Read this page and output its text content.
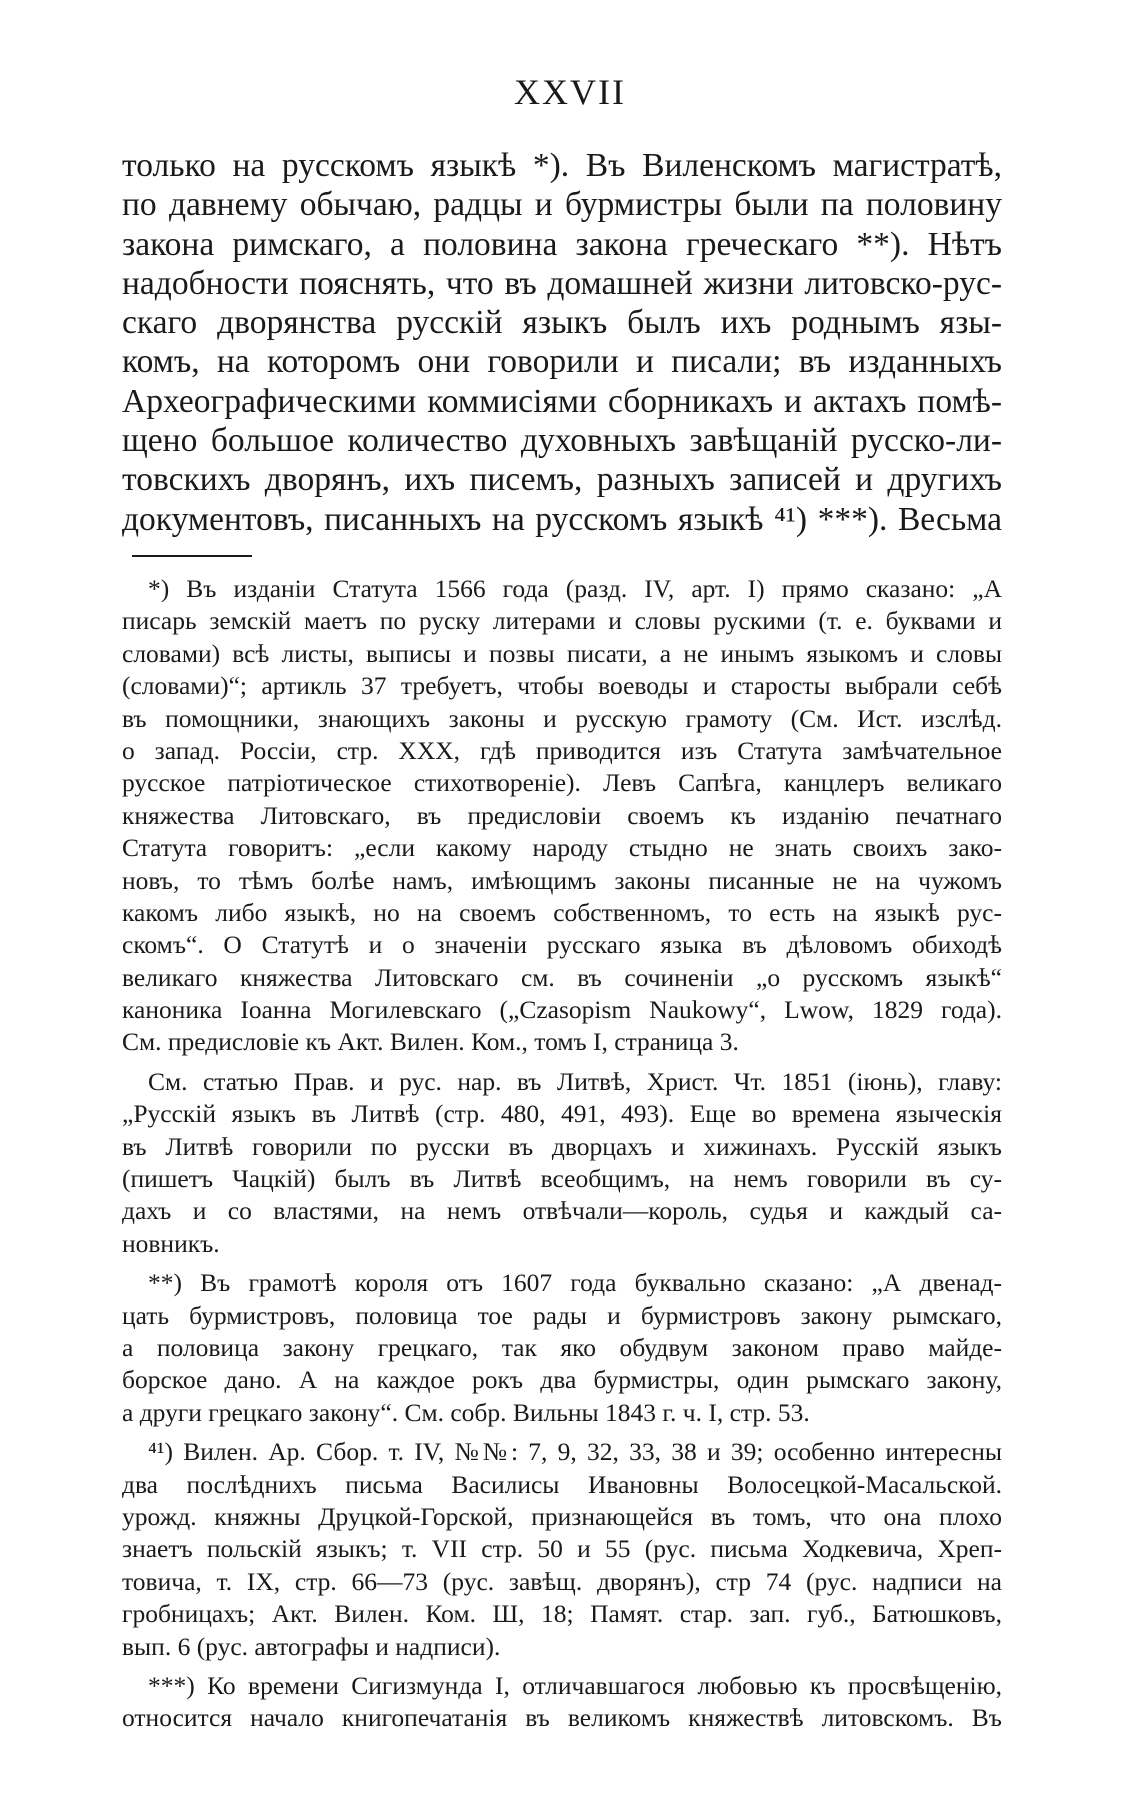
XXVII
только на русскомъ языкѣ *). Въ Виленскомъ магистратѣ,
по давнему обычаю, радцы и бурмистры были па половину
закона римскаго, а половина закона греческаго **). Нѣтъ
надобности пояснять, что въ домашней жизни литовско-рус-
скаго дворянства русскій языкъ былъ ихъ роднымъ язы-
комъ, на которомъ они говорили и писали; въ изданныхъ
Археографическими коммисіями сборникахъ и актахъ помѣ-
щено большое количество духовныхъ завѣщаній русско-ли-
товскихъ дворянъ, ихъ писемъ, разныхъ записей и другихъ
документовъ, писанныхъ на русскомъ языкѣ ⁴¹) ***). Весьма
*) Въ изданіи Статута 1566 года (разд. IV, арт. I) прямо сказано: „А
писарь земскій маетъ по руску литерами и словы рускими (т. е. буквами и
словами) всѣ листы, выписы и позвы писати, а не инымъ языкомъ и словы
(словами)“; артикль 37 требуетъ, чтобы воеводы и старосты выбрали себѣ
въ помощники, знающихъ законы и русскую грамоту (См. Ист. изслѣд.
о запад. Россіи, стр. XXX, гдѣ приводится изъ Статута замѣчательное
русское патріотическое стихотвореніе). Левъ Сапѣга, канцлеръ великаго
княжества Литовскаго, въ предисловіи своемъ къ изданію печатнаго
Статута говоритъ: „если какому народу стыдно не знать своихъ зако-
новъ, то тѣмъ болѣе намъ, имѣющимъ законы писанные не на чужомъ
какомъ либо языкѣ, но на своемъ собственномъ, то есть на языкѣ рус-
скомъ“. О Статутѣ и о значеніи русскаго языка въ дѣловомъ обиходѣ
великаго княжества Литовскаго см. въ сочиненіи „о русскомъ языкѣ“
каноника Іоанна Могилевскаго („Czasopism Naukowy“, Lwow, 1829 года).
См. предисловіе къ Акт. Вилен. Ком., томъ I, страница 3.
См. статью Прав. и рус. нар. въ Литвѣ, Христ. Чт. 1851 (іюнь), главу:
„Русскій языкъ въ Литвѣ (стр. 480, 491, 493). Еще во времена языческія
въ Литвѣ говорили по русски въ дворцахъ и хижинахъ. Русскій языкъ
(пишетъ Чацкій) былъ въ Литвѣ всеобщимъ, на немъ говорили въ су-
дахъ и со властями, на немъ отвѣчали—король, судья и каждый са-
новникъ.
**) Въ грамотѣ короля отъ 1607 года буквально сказано: „А двенад-
цать бурмистровъ, половица тое рады и бурмистровъ закону рымскаго,
а половица закону грецкаго, так яко обудвум законом право майде-
борское дано. А на каждое рокъ два бурмистры, один рымскаго закону,
а други грецкаго закону“. См. собр. Вильны 1843 г. ч. I, стр. 53.
⁴¹) Вилен. Ар. Сбор. т. IV, №№: 7, 9, 32, 33, 38 и 39; особенно интересны
два послѣднихъ письма Василисы Ивановны Волосецкой-Масальской.
урожд. княжны Друцкой-Горской, признающейся въ томъ, что она плохо
знаетъ польскій языкъ; т. VII стр. 50 и 55 (рус. письма Ходкевича, Хреп-
товича, т. IX, стр. 66—73 (рус. завѣщ. дворянъ), стр 74 (рус. надписи на
гробницахъ; Акт. Вилен. Ком. Ш, 18; Памят. стар. зап. губ., Батюшковъ,
вып. 6 (рус. автографы и надписи).
***) Ко времени Сигизмунда I, отличавшагося любовью къ просвѣщенію,
относится начало книгопечатанія въ великомъ княжествѣ литовскомъ. Въ
